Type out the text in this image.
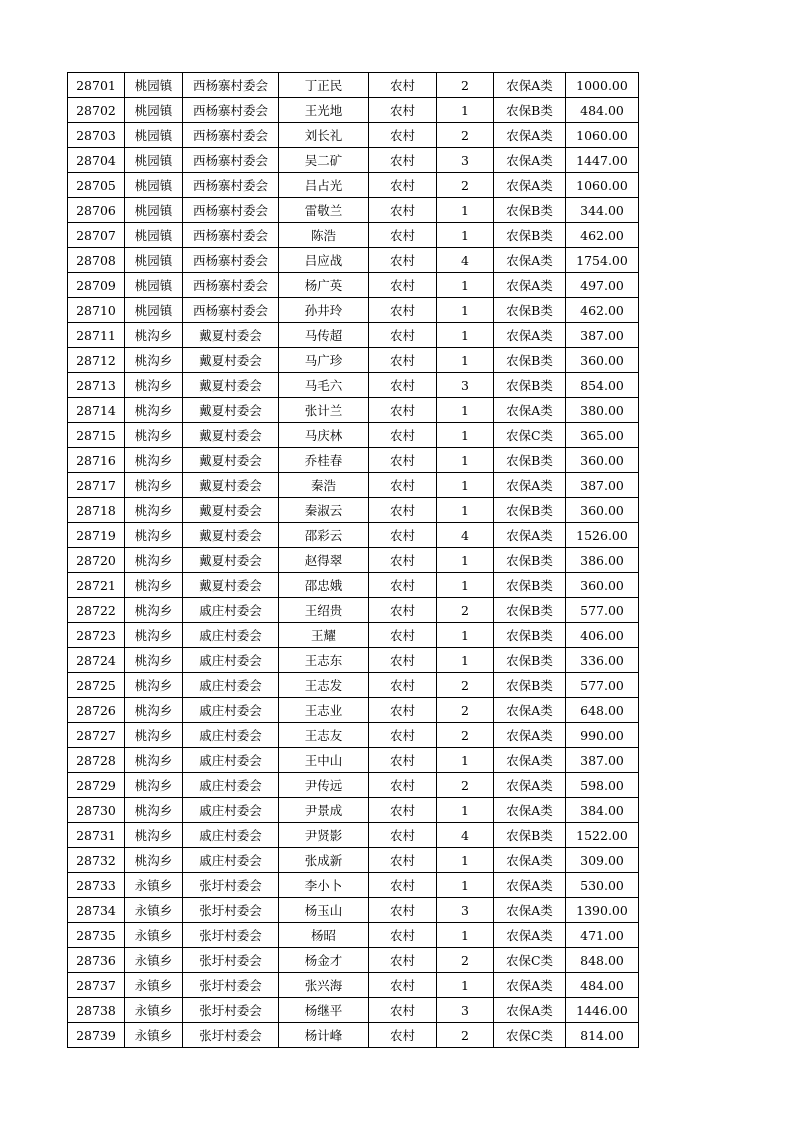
28701	桃园镇	西杨寨村委会	丁正民	农村	2	农保A类	1000.00
28702	桃园镇	西杨寨村委会	王光地	农村	1	农保B类	484.00
28703	桃园镇	西杨寨村委会	刘长礼	农村	2	农保A类	1060.00
28704	桃园镇	西杨寨村委会	吴二矿	农村	3	农保A类	1447.00
28705	桃园镇	西杨寨村委会	吕占光	农村	2	农保A类	1060.00
28706	桃园镇	西杨寨村委会	雷敬兰	农村	1	农保B类	344.00
28707	桃园镇	西杨寨村委会	陈浩	农村	1	农保B类	462.00
28708	桃园镇	西杨寨村委会	吕应战	农村	4	农保A类	1754.00
28709	桃园镇	西杨寨村委会	杨广英	农村	1	农保A类	497.00
28710	桃园镇	西杨寨村委会	孙井玲	农村	1	农保B类	462.00
28711	桃沟乡	戴夏村委会	马传超	农村	1	农保A类	387.00
28712	桃沟乡	戴夏村委会	马广珍	农村	1	农保B类	360.00
28713	桃沟乡	戴夏村委会	马毛六	农村	3	农保B类	854.00
28714	桃沟乡	戴夏村委会	张计兰	农村	1	农保A类	380.00
28715	桃沟乡	戴夏村委会	马庆林	农村	1	农保C类	365.00
28716	桃沟乡	戴夏村委会	乔桂春	农村	1	农保B类	360.00
28717	桃沟乡	戴夏村委会	秦浩	农村	1	农保A类	387.00
28718	桃沟乡	戴夏村委会	秦淑云	农村	1	农保B类	360.00
28719	桃沟乡	戴夏村委会	邵彩云	农村	4	农保A类	1526.00
28720	桃沟乡	戴夏村委会	赵得翠	农村	1	农保B类	386.00
28721	桃沟乡	戴夏村委会	邵忠娥	农村	1	农保B类	360.00
28722	桃沟乡	戚庄村委会	王绍贵	农村	2	农保B类	577.00
28723	桃沟乡	戚庄村委会	王耀	农村	1	农保B类	406.00
28724	桃沟乡	戚庄村委会	王志东	农村	1	农保B类	336.00
28725	桃沟乡	戚庄村委会	王志发	农村	2	农保B类	577.00
28726	桃沟乡	戚庄村委会	王志业	农村	2	农保A类	648.00
28727	桃沟乡	戚庄村委会	王志友	农村	2	农保A类	990.00
28728	桃沟乡	戚庄村委会	王中山	农村	1	农保A类	387.00
28729	桃沟乡	戚庄村委会	尹传远	农村	2	农保A类	598.00
28730	桃沟乡	戚庄村委会	尹景成	农村	1	农保A类	384.00
28731	桃沟乡	戚庄村委会	尹贤影	农村	4	农保B类	1522.00
28732	桃沟乡	戚庄村委会	张成新	农村	1	农保A类	309.00
28733	永镇乡	张圩村委会	李小卜	农村	1	农保A类	530.00
28734	永镇乡	张圩村委会	杨玉山	农村	3	农保A类	1390.00
28735	永镇乡	张圩村委会	杨昭	农村	1	农保A类	471.00
28736	永镇乡	张圩村委会	杨金才	农村	2	农保C类	848.00
28737	永镇乡	张圩村委会	张兴海	农村	1	农保A类	484.00
28738	永镇乡	张圩村委会	杨继平	农村	3	农保A类	1446.00
28739	永镇乡	张圩村委会	杨计峰	农村	2	农保C类	814.00
